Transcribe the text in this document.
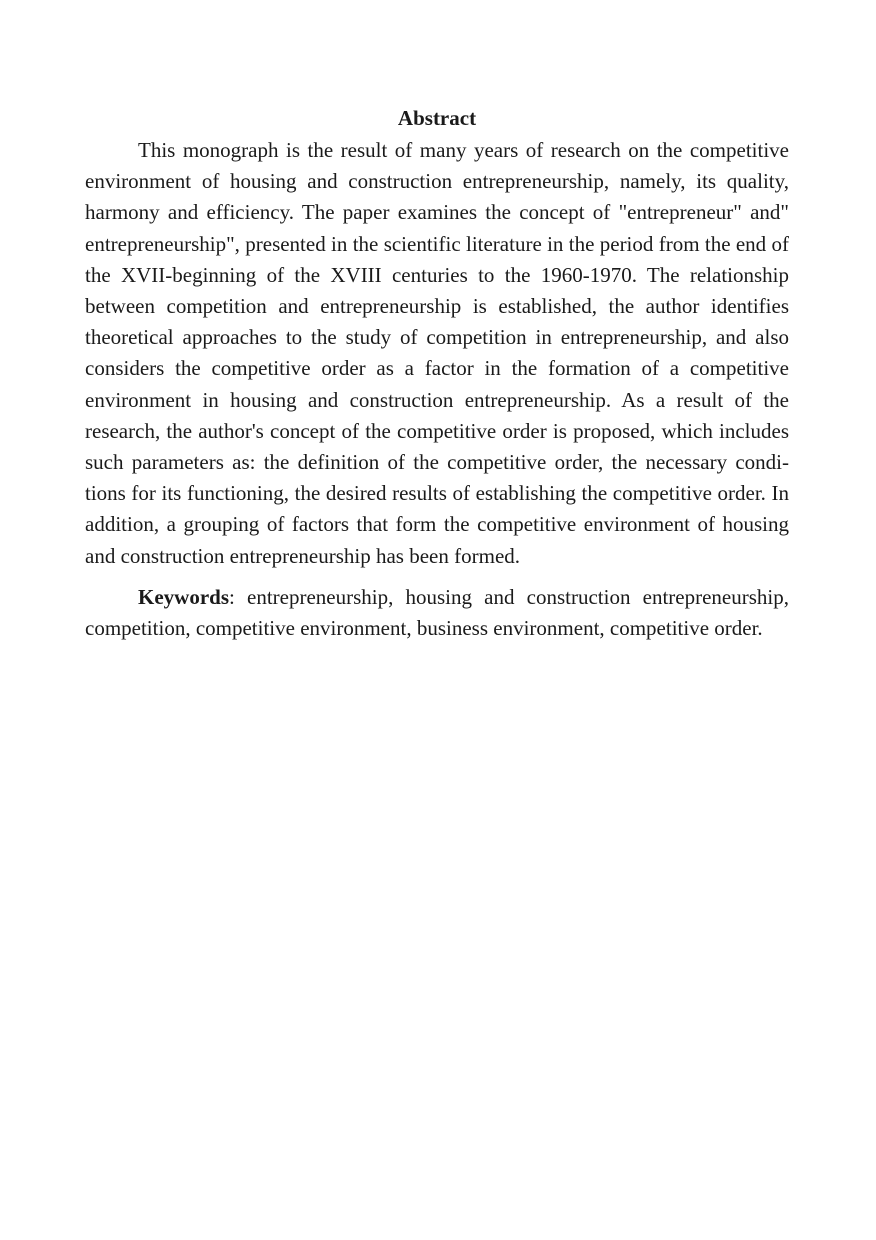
Abstract

This monograph is the result of many years of research on the competitive environment of housing and construction entrepreneurship, namely, its quality, harmony and efficiency. The paper examines the concept of "entrepreneur" and" entrepreneurship", presented in the scientific literature in the period from the end of the XVII-beginning of the XVIII centuries to the 1960-1970. The relationship between competition and entrepreneurship is established, the author identifies theoretical approaches to the study of competition in entrepreneurship, and also considers the competitive order as a factor in the formation of a competitive environment in housing and construction entrepreneurship. As a result of the research, the author's concept of the competitive order is proposed, which includes such parameters as: the definition of the competitive order, the necessary conditions for its functioning, the desired results of establishing the competitive order. In addition, a grouping of factors that form the competitive environment of housing and construction entrepreneurship has been formed.

Keywords: entrepreneurship, housing and construction entrepreneurship, competition, competitive environment, business environment, competitive order.
